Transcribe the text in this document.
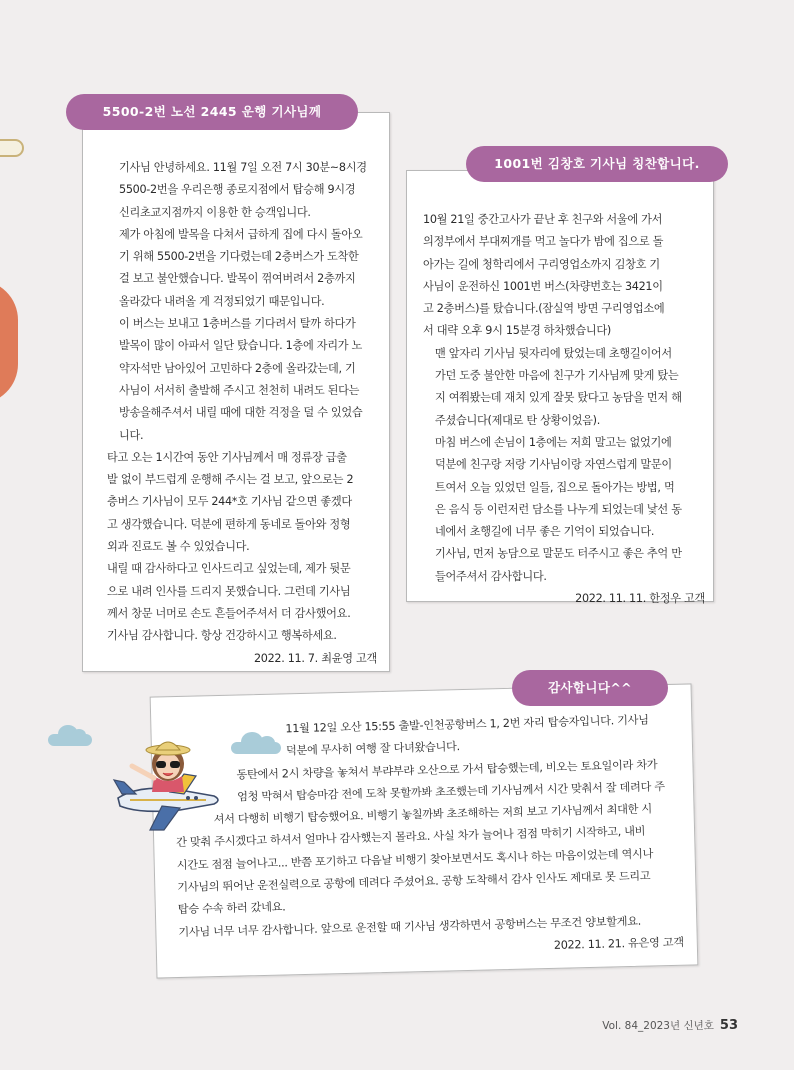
5500-2번 노선 2445 운행 기사님께

기사님 안녕하세요. 11월 7일 오전 7시 30분~8시경

5500-2번을 우리은행 종로지점에서 탑승해 9시경

신리초교지점까지 이용한 한 승객입니다.

제가 아침에 발목을 다쳐서 급하게 집에 다시 돌아오

기 위해 5500-2번을 기다렸는데 2층버스가 도착한

걸 보고 불안했습니다. 발목이 꺾여버려서 2층까지

올라갔다 내려올 게 걱정되었기 때문입니다.

이 버스는 보내고 1층버스를 기다려서 탈까 하다가

발목이 많이 아파서 일단 탔습니다. 1층에 자리가 노

약자석만 남아있어 고민하다 2층에 올라갔는데, 기

사님이 서서히 출발해 주시고 천천히 내려도 된다는

방송을해주셔서 내릴 때에 대한 걱정을 덜 수 있었습

니다.

타고 오는 1시간여 동안 기사님께서 매 정류장 급출

발 없이 부드럽게 운행해 주시는 걸 보고, 앞으로는 2

층버스 기사님이 모두 244*호 기사님 같으면 좋겠다

고 생각했습니다. 덕분에 편하게 동네로 돌아와 정형

외과 진료도 볼 수 있었습니다.

내릴 때 감사하다고 인사드리고 싶었는데, 제가 뒷문

으로 내려 인사를 드리지 못했습니다. 그런데 기사님

께서 창문 너머로 손도 흔들어주셔서 더 감사했어요.

기사님 감사합니다. 항상 건강하시고 행복하세요.

2022. 11. 7. 최윤영 고객

1001번 김창호 기사님 칭찬합니다.

10월 21일 중간고사가 끝난 후 친구와 서울에 가서

의정부에서 부대찌개를 먹고 놀다가 밤에 집으로 돌

아가는 길에 청학리에서 구리영업소까지 김창호 기

사님이 운전하신 1001번 버스(차량번호는 3421이

고 2층버스)를 탔습니다.(잠실역 방면 구리영업소에

서 대략 오후 9시 15분경 하차했습니다)

맨 앞자리 기사님 뒷자리에 탔었는데 초행길이어서

가던 도중 불안한 마음에 친구가 기사님께 맞게 탔는

지 여쭤봤는데 재치 있게 잘못 탔다고 농담을 먼저 해

주셨습니다(제대로 탄 상황이었음).

마침 버스에 손님이 1층에는 저희 말고는 없었기에

덕분에 친구랑 저랑 기사님이랑 자연스럽게 말문이

트여서 오늘 있었던 일들, 집으로 돌아가는 방법, 먹

은 음식 등 이런저런 담소를 나누게 되었는데 낯선 동

네에서 초행길에 너무 좋은 기억이 되었습니다.

기사님, 먼저 농담으로 말문도 터주시고 좋은 추억 만

들어주셔서 감사합니다.

2022. 11. 11. 한정우 고객

감사합니다^^

11월 12일 오산 15:55 출발-인천공항버스 1, 2번 자리 탑승자입니다. 기사님

덕분에 무사히 여행 잘 다녀왔습니다.

동탄에서 2시 차량을 놓쳐서 부랴부랴 오산으로 가서 탑승했는데, 비오는 토요일이라 차가

엄청 막혀서 탑승마감 전에 도착 못할까봐 초조했는데 기사님께서 시간 맞춰서 잘 데려다 주

셔서 다행히 비행기 탑승했어요. 비행기 놓칠까봐 초조해하는 저희 보고 기사님께서 최대한 시

간 맞춰 주시겠다고 하셔서 얼마나 감사했는지 몰라요. 사실 차가 늘어나 점점 막히기 시작하고, 내비

시간도 점점 늘어나고... 반쯤 포기하고 다음날 비행기 찾아보면서도 혹시나 하는 마음이었는데 역시나

기사님의 뛰어난 운전실력으로 공항에 데려다 주셨어요. 공항 도착해서 감사 인사도 제대로 못 드리고

탑승 수속 하러 갔네요.

기사님 너무 너무 감사합니다. 앞으로 운전할 때 기사님 생각하면서 공항버스는 무조건 양보할게요.

2022. 11. 21. 유은영 고객

Vol. 84_2023년 신년호 53
